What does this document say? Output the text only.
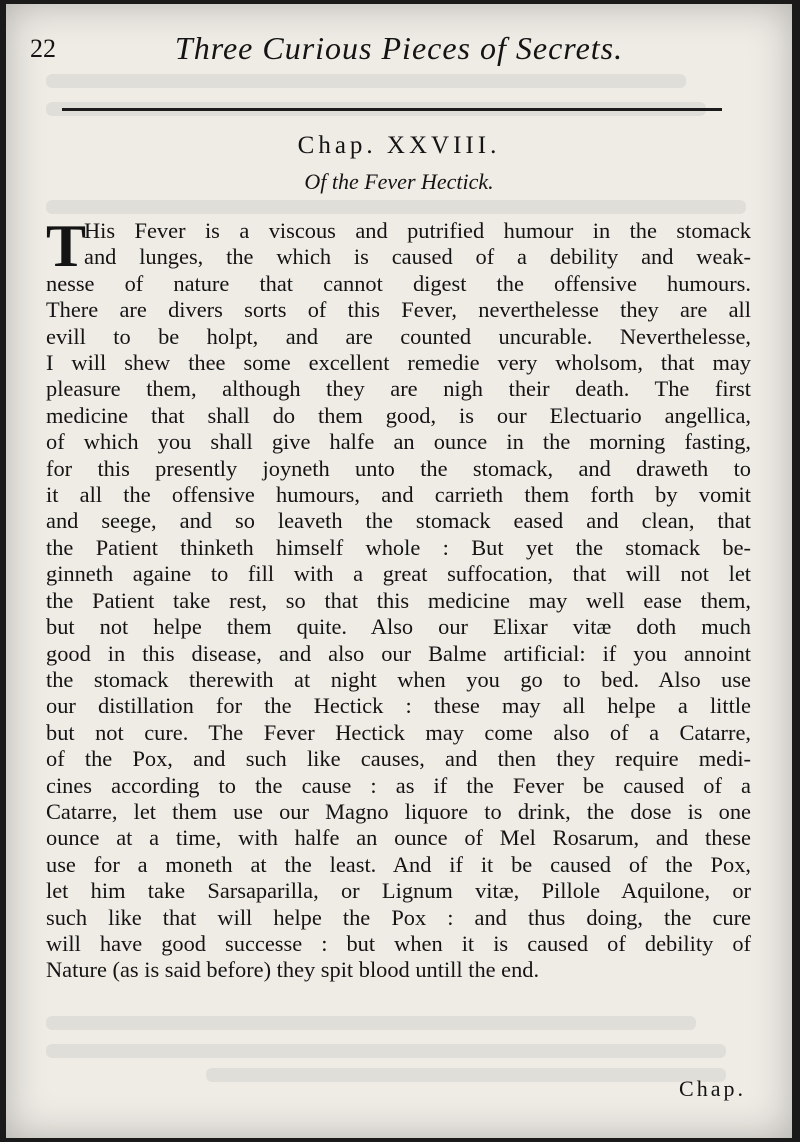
22	Three Curious Pieces of Secrets.
Chap. XXVIII.
Of the Fever Hectick.
T
His Fever is a viscous and putrified humour in the stomack
and lunges, the which is caused of a debility and weak-
nesse of nature that cannot digest the offensive humours.
There are divers sorts of this Fever, neverthelesse they are all
evill to be holpt, and are counted uncurable. Neverthelesse,
I will shew thee some excellent remedie very wholsom, that may
pleasure them, although they are nigh their death. The first
medicine that shall do them good, is our Electuario angellica,
of which you shall give halfe an ounce in the morning fasting,
for this presently joyneth unto the stomack, and draweth to
it all the offensive humours, and carrieth them forth by vomit
and seege, and so leaveth the stomack eased and clean, that
the Patient thinketh himself whole : But yet the stomack be-
ginneth againe to fill with a great suffocation, that will not let
the Patient take rest, so that this medicine may well ease them,
but not helpe them quite. Also our Elixar vitæ doth much
good in this disease, and also our Balme artificial: if you annoint
the stomack therewith at night when you go to bed. Also use
our distillation for the Hectick : these may all helpe a little
but not cure. The Fever Hectick may come also of a Catarre,
of the Pox, and such like causes, and then they require medi-
cines according to the cause : as if the Fever be caused of a
Catarre, let them use our Magno liquore to drink, the dose is one
ounce at a time, with halfe an ounce of Mel Rosarum, and these
use for a moneth at the least. And if it be caused of the Pox,
let him take Sarsaparilla, or Lignum vitæ, Pillole Aquilone, or
such like that will helpe the Pox : and thus doing, the cure
will have good successe : but when it is caused of debility of
Nature (as is said before) they spit blood untill the end.
Chap.
